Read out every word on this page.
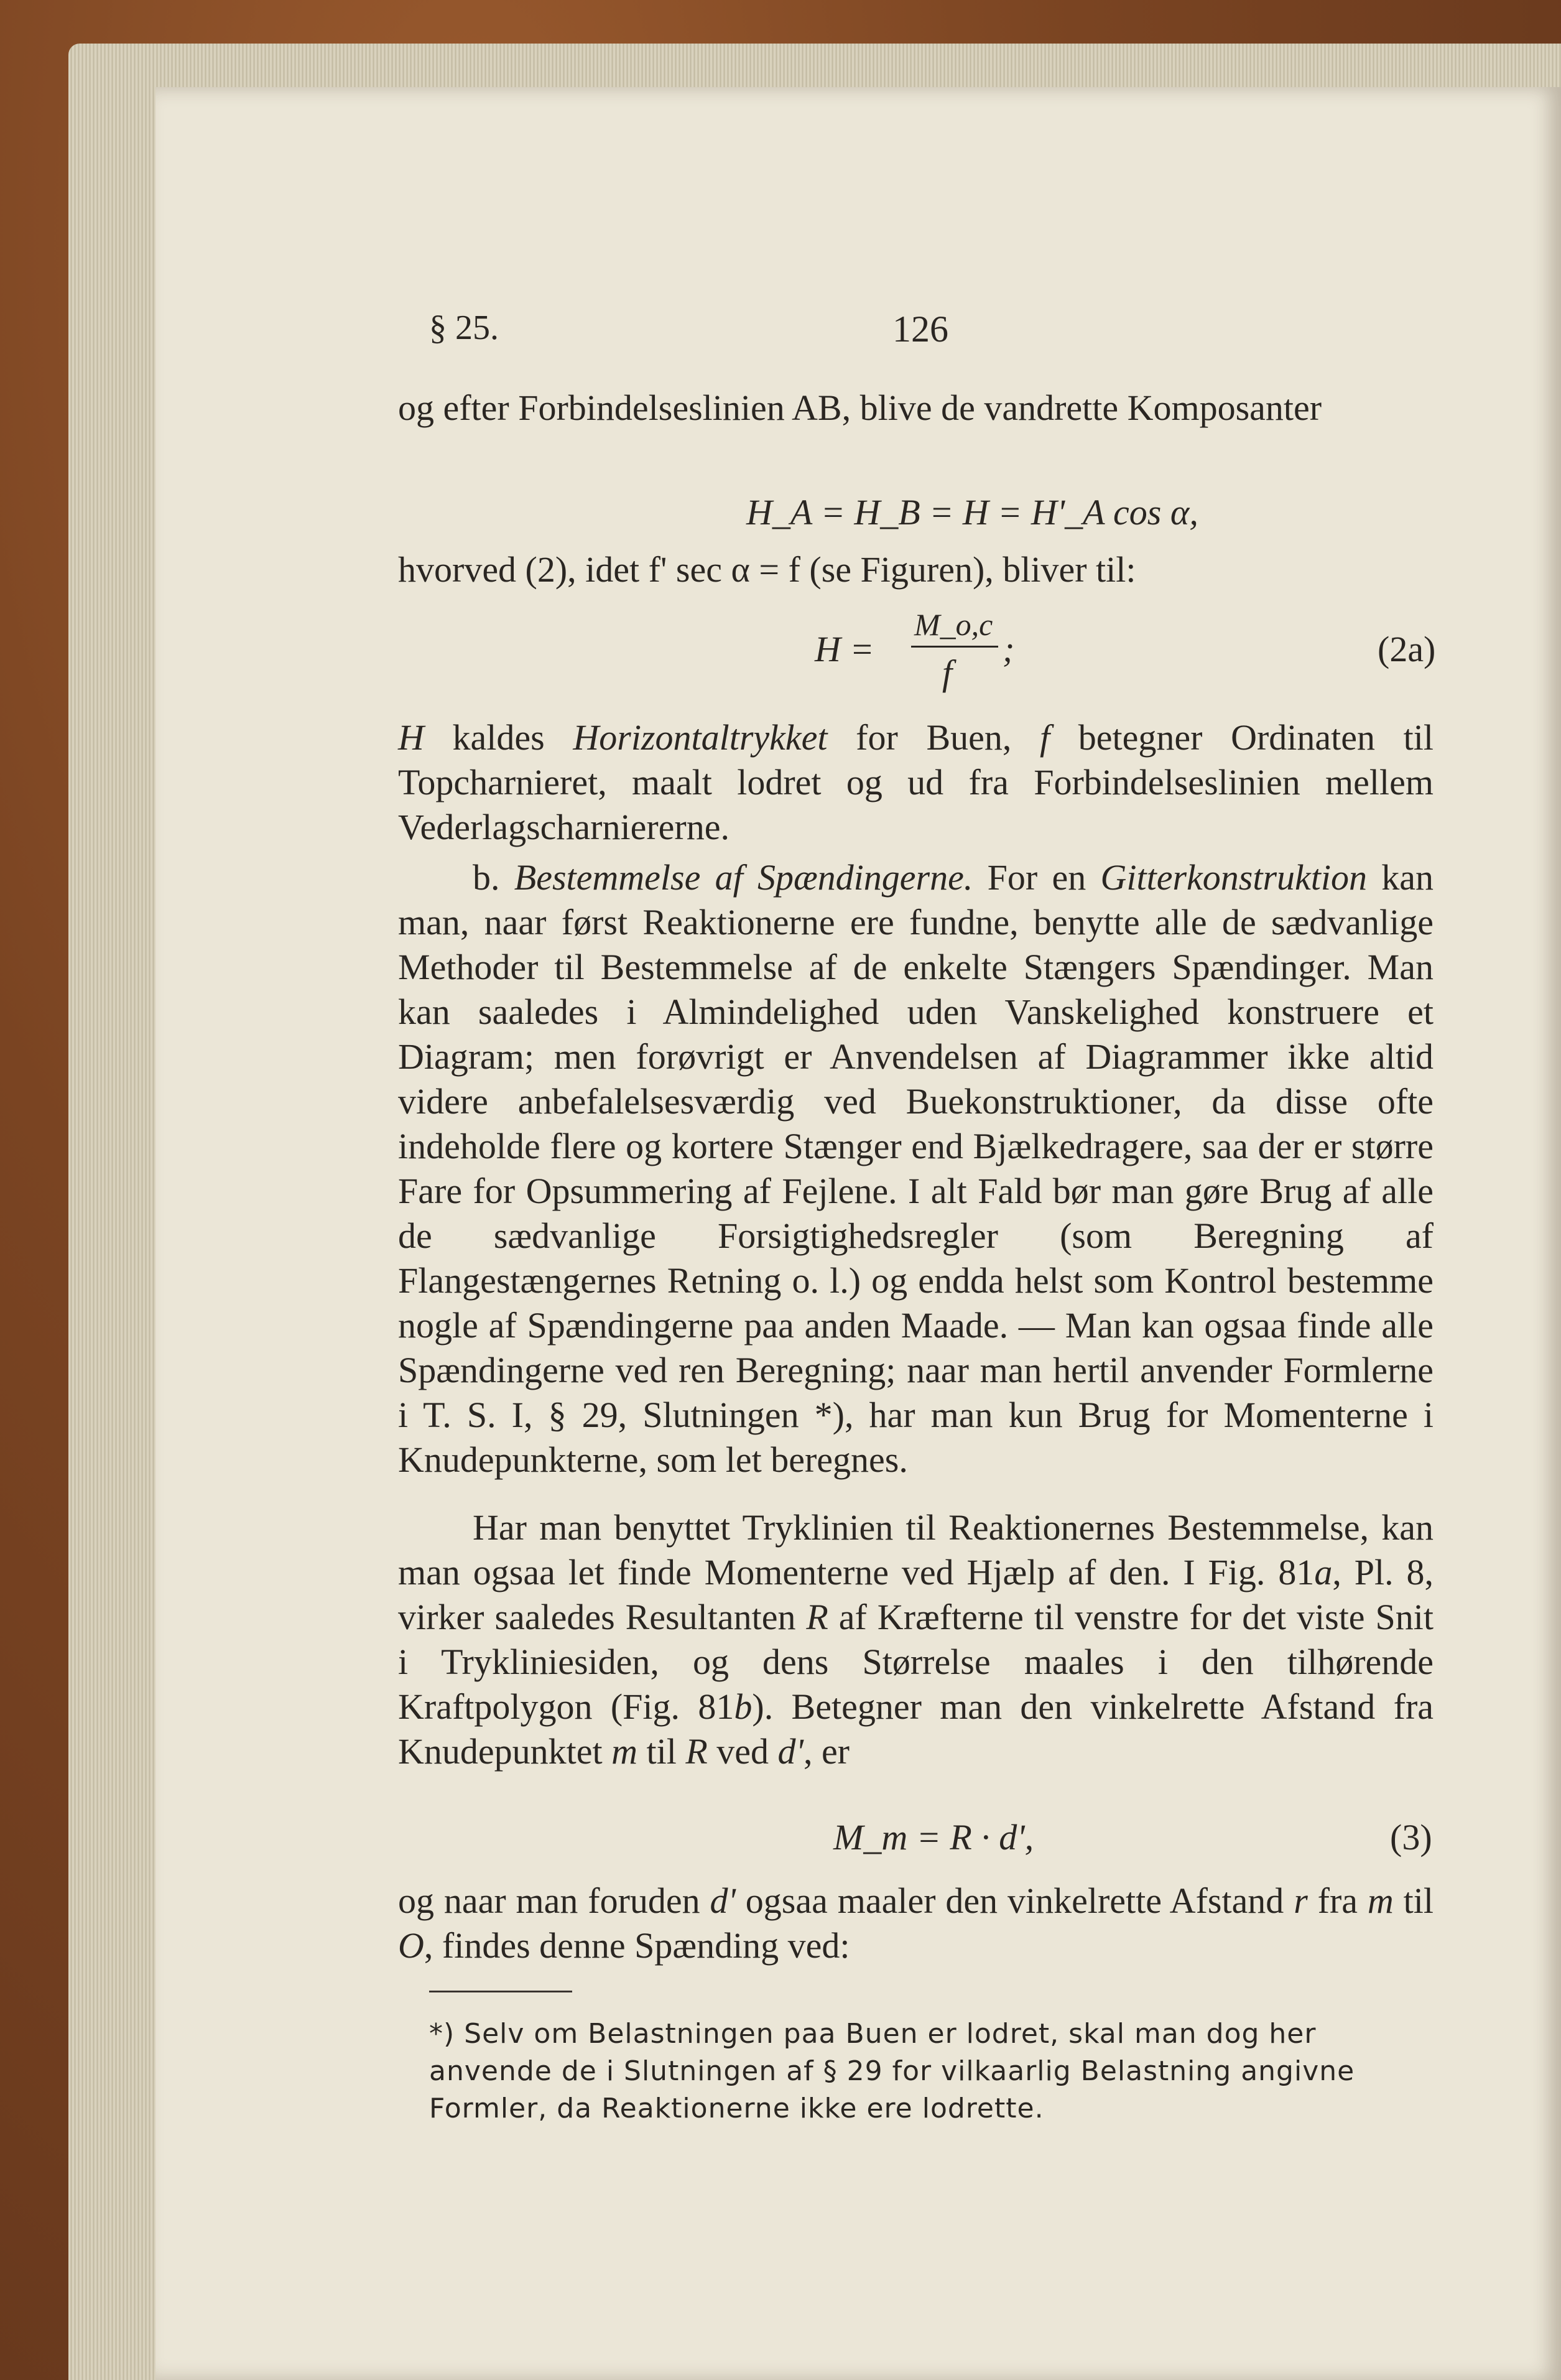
§ 25.	126
og efter Forbindelseslinien AB, blive de vandrette Komposanter
H_A = H_B = H = H'_A cos α,
hvorved (2), idet f' sec α = f (se Figuren), bliver til:
H =
M_o,c
f
;	(2a)
H kaldes Horizontaltrykket for Buen, f betegner Ordinaten til Topcharnieret, maalt lodret og ud fra Forbindelseslinien mellem Vederlagscharniererne.
b. Bestemmelse af Spændingerne. For en Gitterkonstruktion kan man, naar først Reaktionerne ere fundne, benytte alle de sædvanlige Methoder til Bestemmelse af de enkelte Stængers Spændinger. Man kan saaledes i Almindelighed uden Vanskelighed konstruere et Diagram; men forøvrigt er Anvendelsen af Diagrammer ikke altid videre anbefalelsesværdig ved Buekonstruktioner, da disse ofte indeholde flere og kortere Stænger end Bjælkedragere, saa der er større Fare for Opsummering af Fejlene. I alt Fald bør man gøre Brug af alle de sædvanlige Forsigtighedsregler (som Beregning af Flangestængernes Retning o. l.) og endda helst som Kontrol bestemme nogle af Spændingerne paa anden Maade. — Man kan ogsaa finde alle Spændingerne ved ren Beregning; naar man hertil anvender Formlerne i T. S. I, § 29, Slutningen *), har man kun Brug for Momenterne i Knudepunkterne, som let beregnes.
Har man benyttet Tryklinien til Reaktionernes Bestemmelse, kan man ogsaa let finde Momenterne ved Hjælp af den. I Fig. 81a, Pl. 8, virker saaledes Resultanten R af Kræfterne til venstre for det viste Snit i Trykliniesiden, og dens Størrelse maales i den tilhørende Kraftpolygon (Fig. 81b). Betegner man den vinkelrette Afstand fra Knudepunktet m til R ved d', er
M_m = R · d',	(3)
og naar man foruden d' ogsaa maaler den vinkelrette Afstand r fra m til O, findes denne Spænding ved:
*) Selv om Belastningen paa Buen er lodret, skal man dog her anvende de i Slutningen af § 29 for vilkaarlig Belastning angivne Formler, da Reaktionerne ikke ere lodrette.
